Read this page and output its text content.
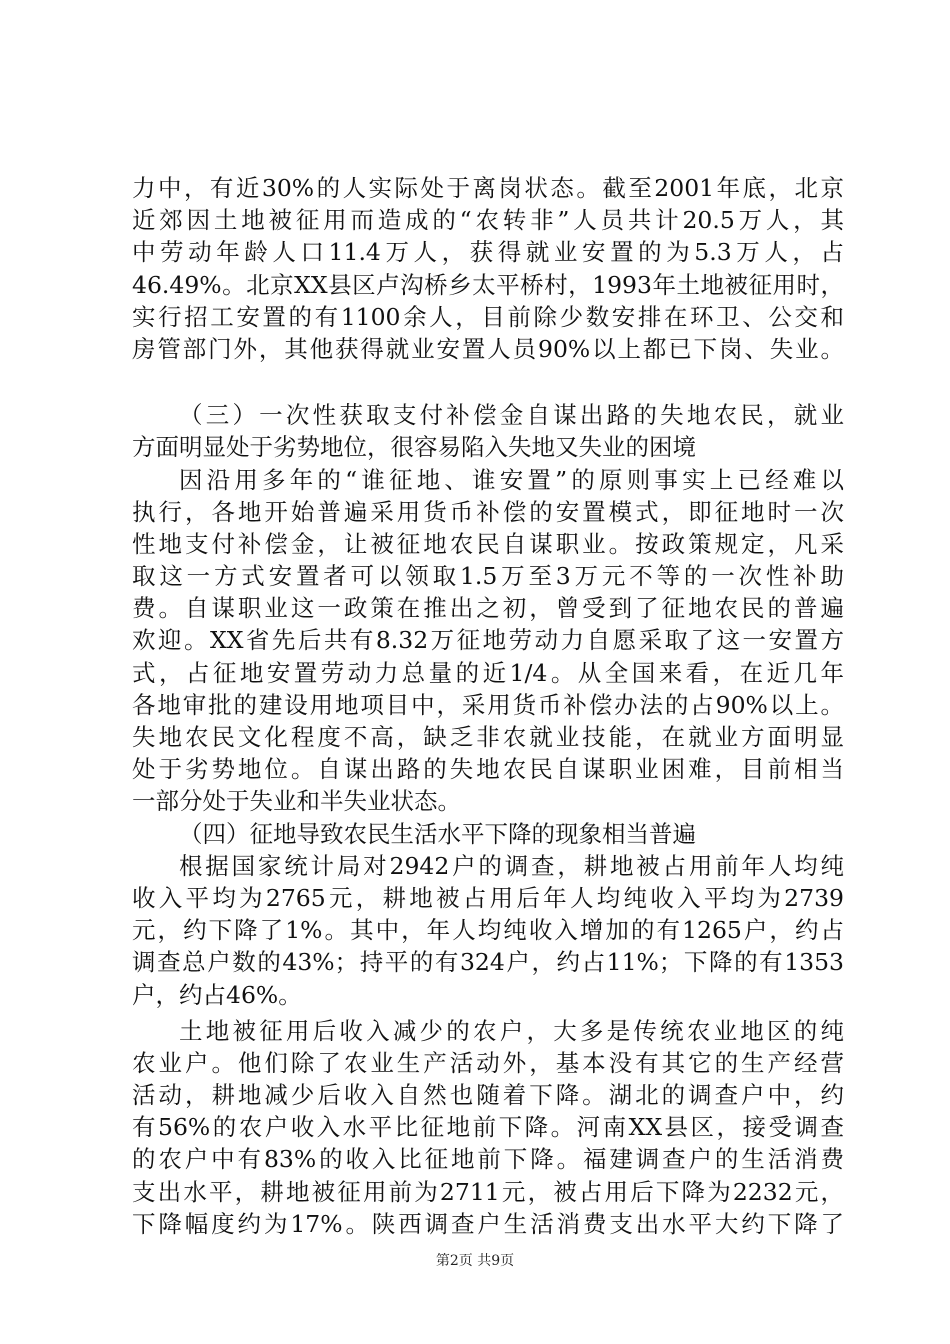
力中，有近30%的人实际处于离岗状态。截至2001年底，北京
近郊因土地被征用而造成的“农转非”人员共计20.5万人，其
中劳动年龄人口11.4万人，获得就业安置的为5.3万人，占
46.49%。北京XX县区卢沟桥乡太平桥村，1993年土地被征用时，
实行招工安置的有1100余人，目前除少数安排在环卫、公交和
房管部门外，其他获得就业安置人员90%以上都已下岗、失业。
（三）一次性获取支付补偿金自谋出路的失地农民，就业
方面明显处于劣势地位，很容易陷入失地又失业的困境
因沿用多年的“谁征地、谁安置”的原则事实上已经难以
执行，各地开始普遍采用货币补偿的安置模式，即征地时一次
性地支付补偿金，让被征地农民自谋职业。按政策规定，凡采
取这一方式安置者可以领取1.5万至3万元不等的一次性补助
费。自谋职业这一政策在推出之初，曾受到了征地农民的普遍
欢迎。XX省先后共有8.32万征地劳动力自愿采取了这一安置方
式，占征地安置劳动力总量的近1/4。从全国来看，在近几年
各地审批的建设用地项目中，采用货币补偿办法的占90%以上。
失地农民文化程度不高，缺乏非农就业技能，在就业方面明显
处于劣势地位。自谋出路的失地农民自谋职业困难，目前相当
一部分处于失业和半失业状态。
（四）征地导致农民生活水平下降的现象相当普遍
根据国家统计局对2942户的调查，耕地被占用前年人均纯
收入平均为2765元，耕地被占用后年人均纯收入平均为2739
元，约下降了1%。其中，年人均纯收入增加的有1265户，约占
调查总户数的43%；持平的有324户，约占11%；下降的有1353
户，约占46%。
土地被征用后收入减少的农户，大多是传统农业地区的纯
农业户。他们除了农业生产活动外，基本没有其它的生产经营
活动，耕地减少后收入自然也随着下降。湖北的调查户中，约
有56%的农户收入水平比征地前下降。河南XX县区，接受调查
的农户中有83%的收入比征地前下降。福建调查户的生活消费
支出水平，耕地被征用前为2711元，被占用后下降为2232元，
下降幅度约为17%。陕西调查户生活消费支出水平大约下降了
第2页 共9页
